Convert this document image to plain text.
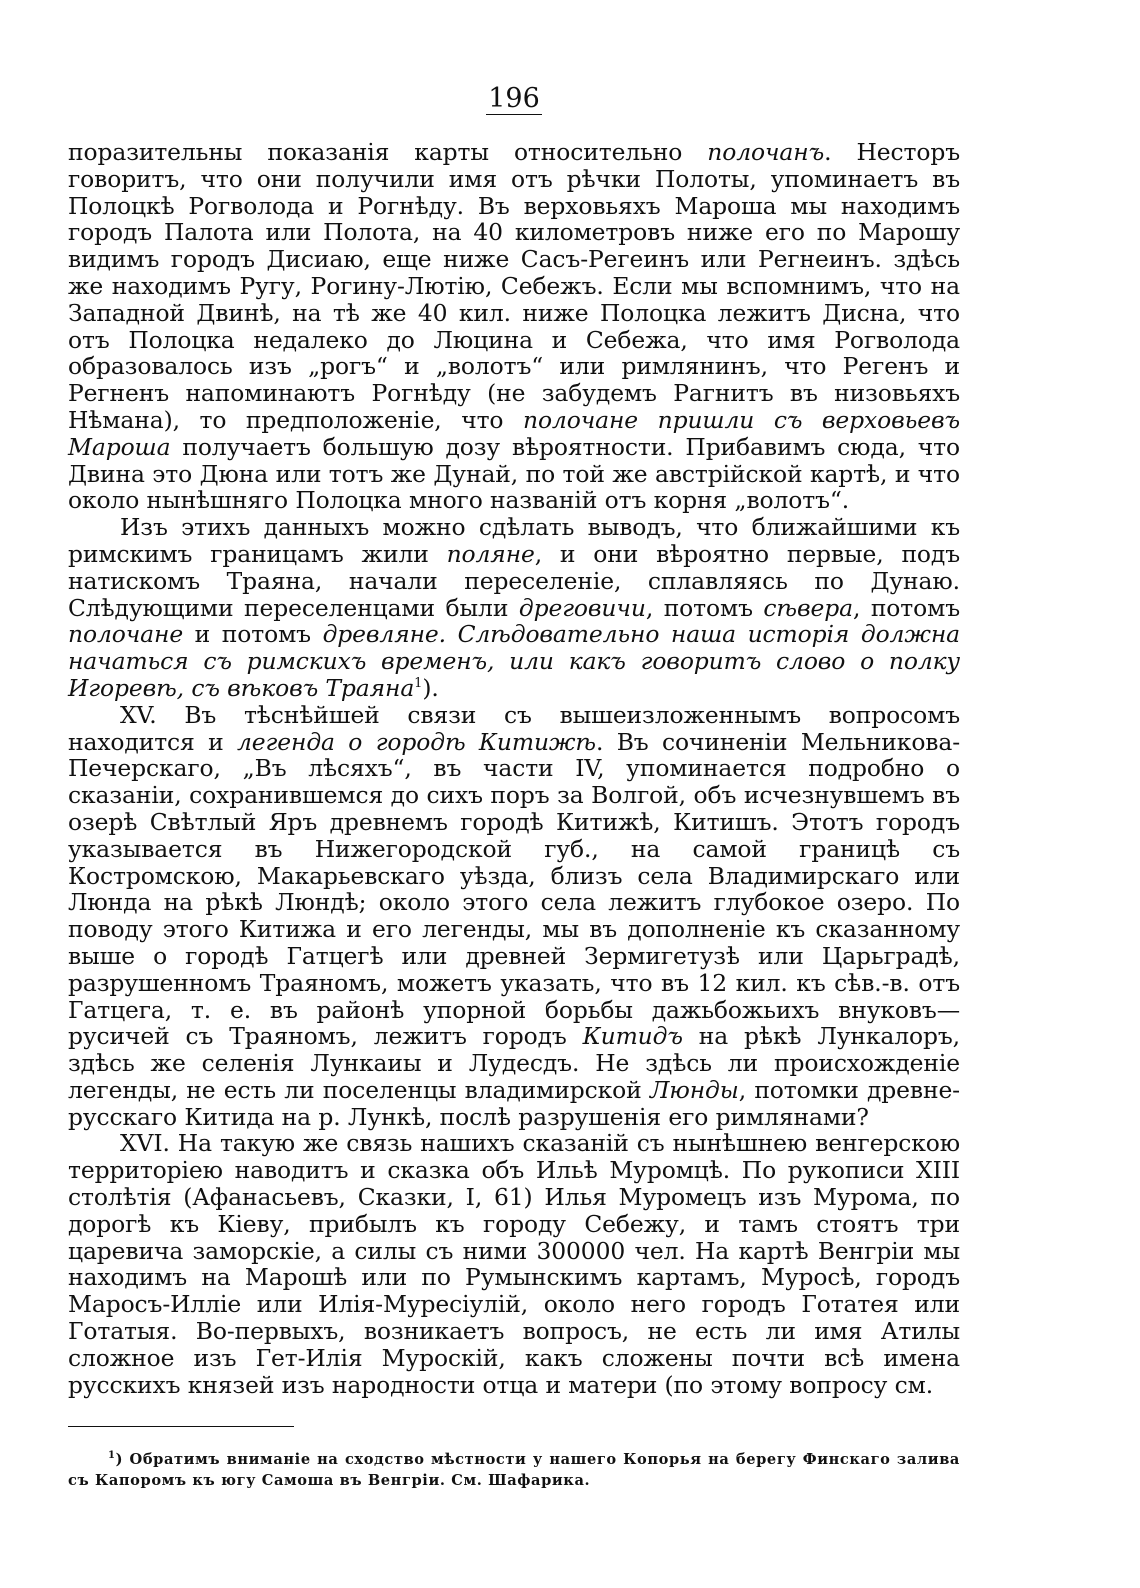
196

поразительны показанія карты относительно полочанъ. Несторъ говоритъ, что они получили имя отъ рѣчки Полоты, упоминаетъ въ Полоцкѣ Рогволода и Рогнѣду. Въ верховьяхъ Мароша мы находимъ городъ Палота или Полота, на 40 километровъ ниже его по Марошу видимъ городъ Дисиаю, еще ниже Сасъ-Регеинъ или Регнеинъ. здѣсь же находимъ Ругу, Рогину-Лютію, Себежъ. Если мы вспомнимъ, что на Западной Двинѣ, на тѣ же 40 кил. ниже Полоцка лежитъ Дисна, что отъ Полоцка недалеко до Люцина и Себежа, что имя Рогволода образовалось изъ „рогъ“ и „волотъ“ или римлянинъ, что Регенъ и Регненъ напоминаютъ Рогнѣду (не забудемъ Рагнитъ въ низовьяхъ Нѣмана), то предположеніе, что полочане пришли съ верховьевъ Мароша получаетъ большую дозу вѣроятности. Прибавимъ сюда, что Двина это Дюна или тотъ же Дунай, по той же австрійской картѣ, и что около нынѣшняго Полоцка много названій отъ корня „волотъ“.

Изъ этихъ данныхъ можно сдѣлать выводъ, что ближайшими къ римскимъ границамъ жили поляне, и они вѣроятно первые, подъ натискомъ Траяна, начали переселеніе, сплавляясь по Дунаю. Слѣдующими переселенцами были дреговичи, потомъ сѣвера, потомъ полочане и потомъ древляне. Слѣдовательно наша исторія должна начаться съ римскихъ временъ, или какъ говоритъ слово о полку Игоревѣ, съ вѣковъ Траяна$^1$).

XV. Въ тѣснѣйшей связи съ вышеизложеннымъ вопросомъ находится и легенда о городѣ Китижѣ. Въ сочиненіи Мельникова-Печерскаго, „Въ лѣсяхъ“, въ части IV, упоминается подробно о сказаніи, сохранившемся до сихъ поръ за Волгой, объ исчезнувшемъ въ озерѣ Свѣтлый Яръ древнемъ городѣ Китижѣ, Китишъ. Этотъ городъ указывается въ Нижегородской губ., на самой границѣ съ Костромскою, Макарьевскаго уѣзда, близъ села Владимирскаго или Люнда на рѣкѣ Люндѣ; около этого села лежитъ глубокое озеро. По поводу этого Китижа и его легенды, мы въ дополненіе къ сказанному выше о городѣ Гатцегѣ или древней Зермигетузѣ или Царьградѣ, разрушенномъ Траяномъ, можетъ указать, что въ 12 кил. къ сѣв.-в. отъ Гатцега, т. е. въ районѣ упорной борьбы дажьбожьихъ внуковъ—русичей съ Траяномъ, лежитъ городъ Китидъ на рѣкѣ Лункалоръ, здѣсь же селенія Лункаиы и Лудесдъ. Не здѣсь ли происхожденіе легенды, не есть ли поселенцы владимирской Люнды, потомки древне-русскаго Китида на р. Лункѣ, послѣ разрушенія его римлянами?

XVI. На такую же связь нашихъ сказаній съ нынѣшнею венгерскою территоріею наводитъ и сказка объ Ильѣ Муромцѣ. По рукописи XIII столѣтія (Афанасьевъ, Сказки, I, 61) Илья Муромецъ изъ Мурома, по дорогѣ къ Кіеву, прибылъ къ городу Себежу, и тамъ стоятъ три царевича заморскіе, а силы съ ними 300000 чел. На картѣ Венгріи мы находимъ на Марошѣ или по Румынскимъ картамъ, Муросѣ, городъ Маросъ-Илліе или Илія-Муресіулій, около него городъ Готатея или Готатыя. Во-первыхъ, возникаетъ вопросъ, не есть ли имя Атилы сложное изъ Гет-Илія Муроскій, какъ сложены почти всѣ имена русскихъ князей изъ народности отца и матери (по этому вопросу см.

$^1$) Обратимъ вниманіе на сходство мѣстности у нашего Копорья на берегу Финскаго залива съ Капоромъ къ югу Самоша въ Венгріи. См. Шафарика.
